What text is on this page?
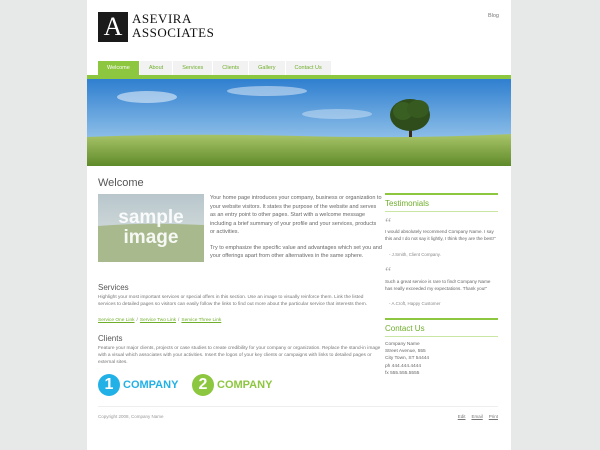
A ASEVIRA
ASSOCIATES
Blog
Welcome	About	Services	Clients	Gallery	Contact Us
Welcome
sample
image

Your home page introduces your company, business or organization to your website visitors. It states the purpose of the website and serves as an entry point to other pages. Start with a welcome message including a brief summary of your profile and your services, products or activities.

Try to emphasize the specific value and advantages which set you and your offerings apart from other alternatives in the same sphere.

Services
Highlight your most important services or special offers in this section. Use an image to visually reinforce them. Link the listed services to detailed pages so visitors can easily follow the links to find out more about the particular service that interests them.
Service One Link / Service Two Link / Service Three Link
Clients
Feature your major clients, projects or case studies to create credibility for your company or organization. Replace the stand-in image with a visual which associates with your activities. Insert the logos of your key clients or campaigns with links to detailed pages or external sites.
1 COMPANY	2 COMPANY
Testimonials
“
I would absolutely recommend Company Name. I say this and I do not say it lightly, I think they are the best!"
- J.Smith, Client Company.
“
Such a great service is rare to find! Company Name has really exceeded my expectations. Thank you!"
- A.Croft, Happy Customer
Contact Us
Company Name
Street Avenue, 555
City Town, ST 54444
ph 444.444.4444
fx 555.555.5555
Copyright 2008, Company Name	Edit Email Print
